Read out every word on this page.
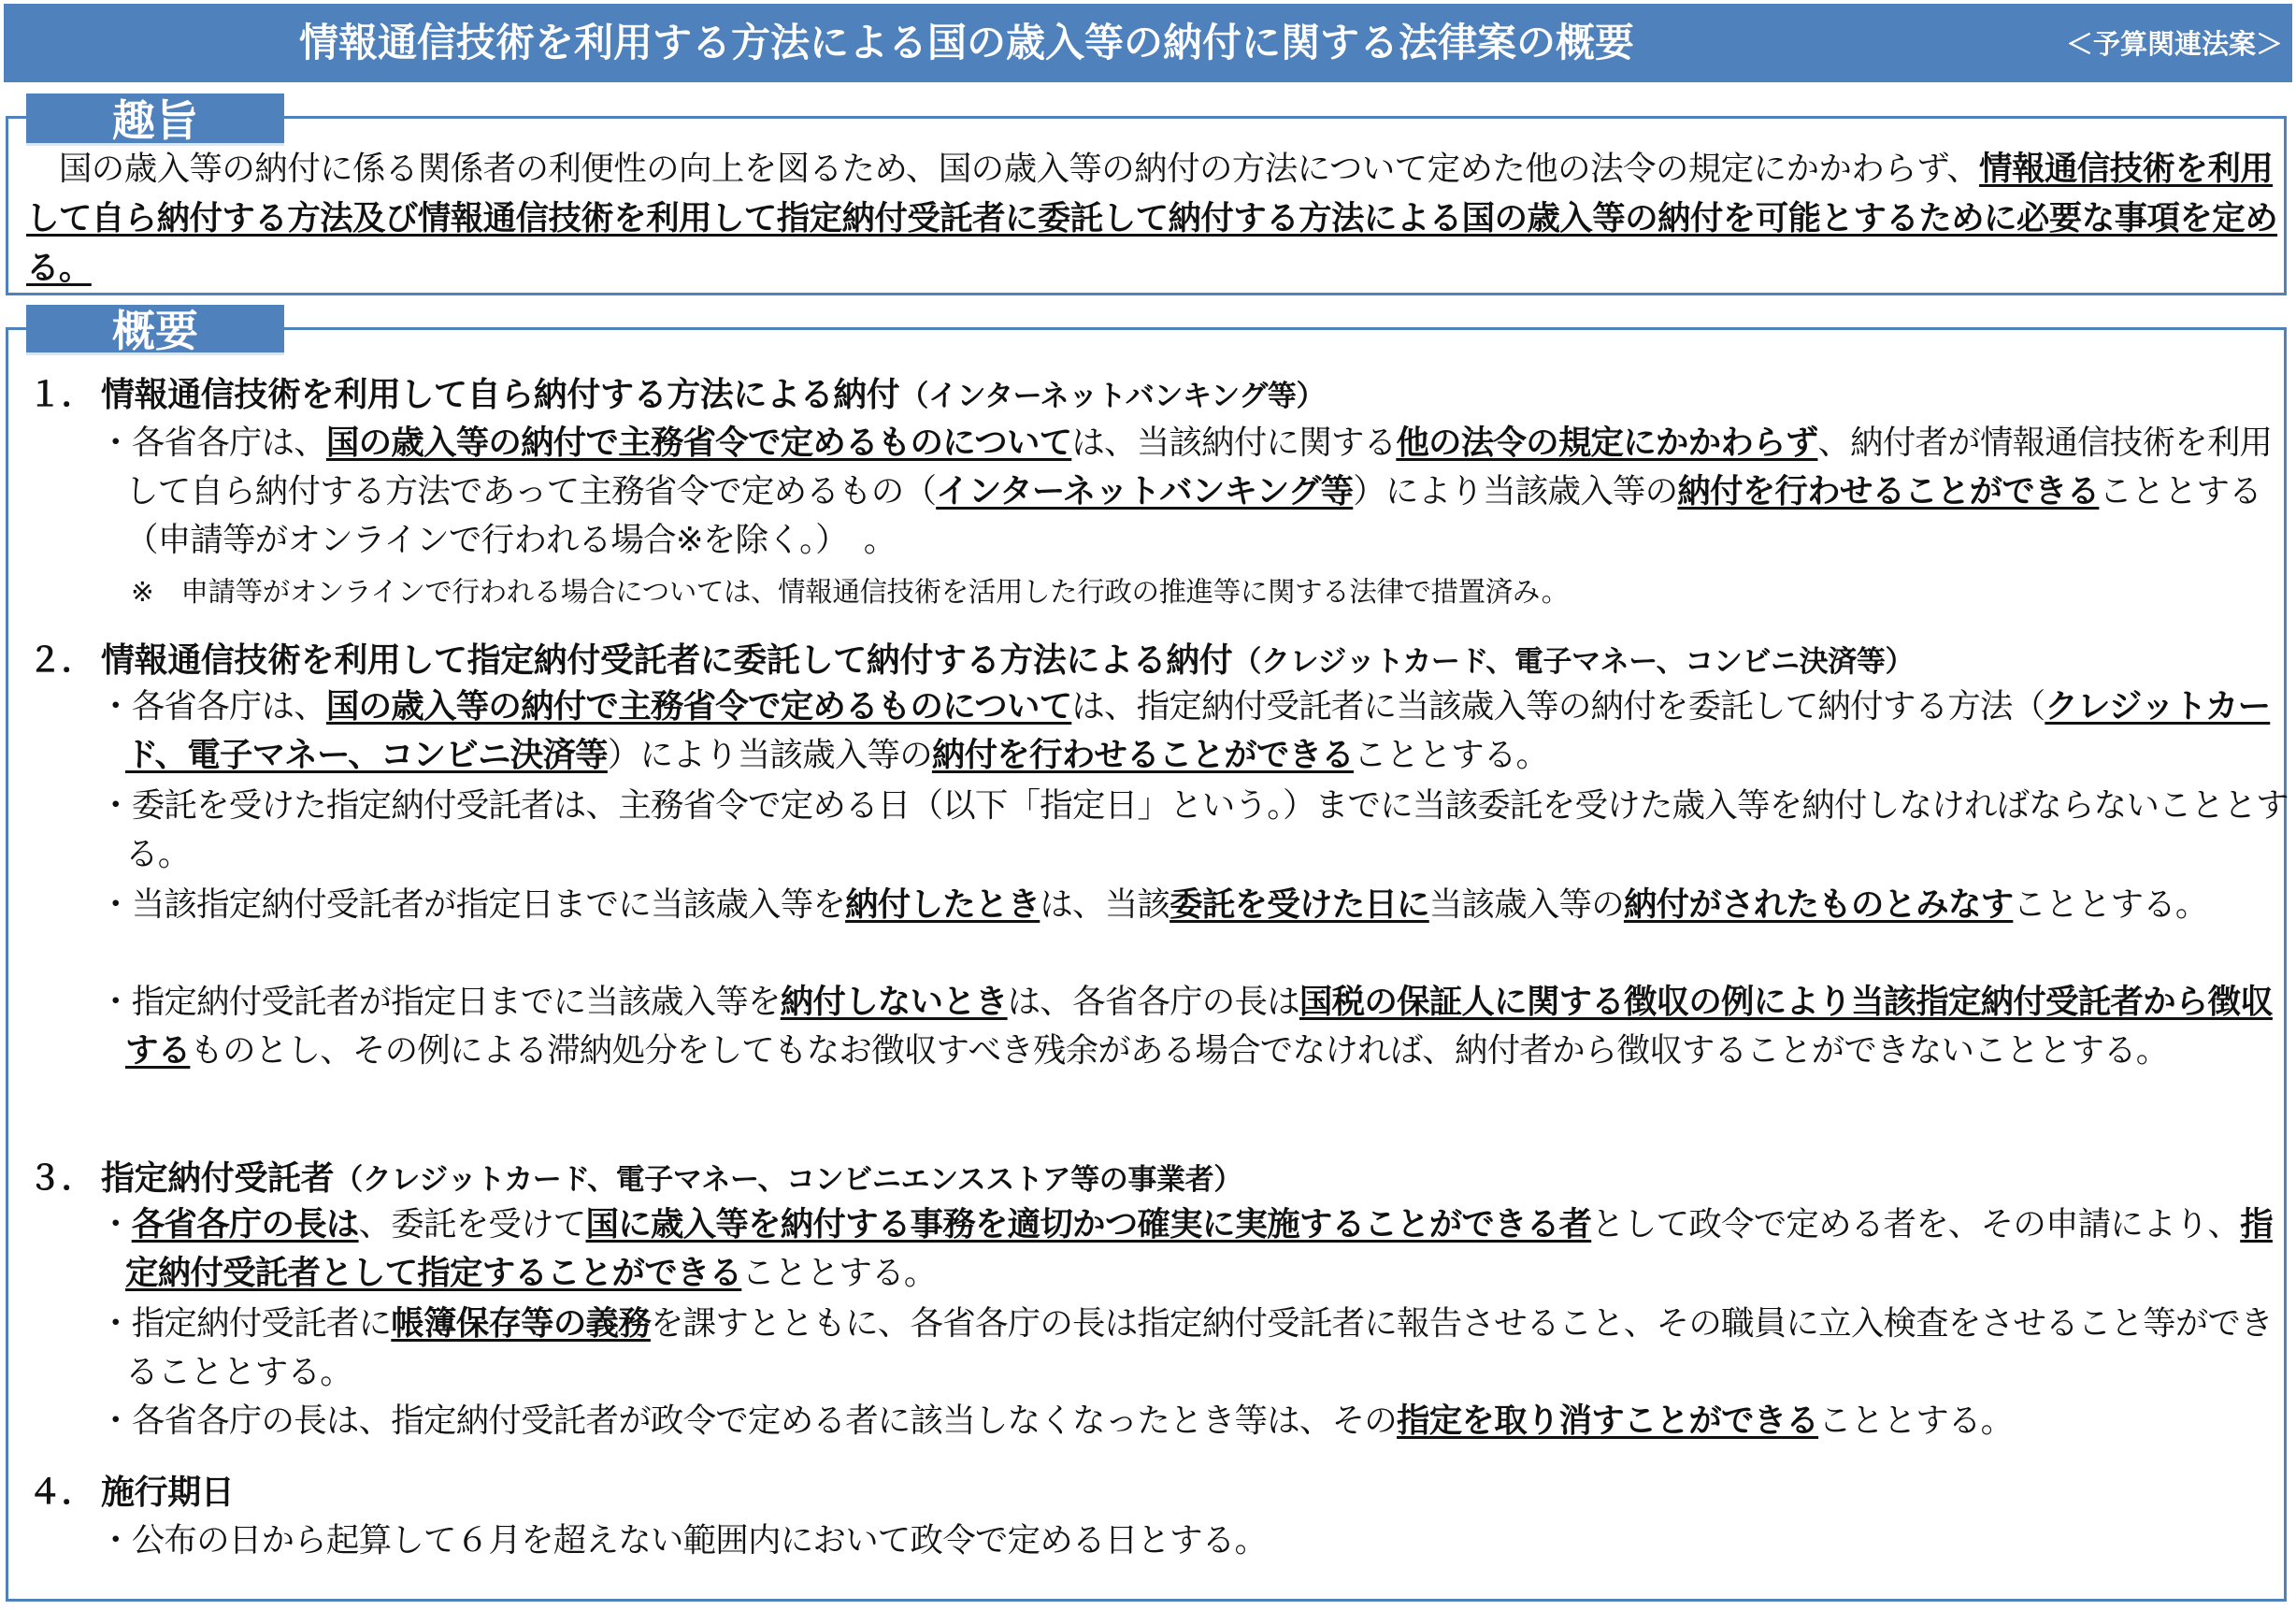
情報通信技術を利用する方法による国の歳入等の納付に関する法律案の概要	＜予算関連法案＞
趣旨
　国の歳入等の納付に係る関係者の利便性の向上を図るため、国の歳入等の納付の方法について定めた他の法令の規定にかかわらず、情報通信技術を利用して自ら納付する方法及び情報通信技術を利用して指定納付受託者に委託して納付する方法による国の歳入等の納付を可能とするために必要な事項を定める。
概要
１． 情報通信技術を利用して自ら納付する方法による納付（インターネットバンキング等）
・各省各庁は、国の歳入等の納付で主務省令で定めるものについては、当該納付に関する他の法令の規定にかかわらず、納付者が情報通信技術を利用して自ら納付する方法であって主務省令で定めるもの（インターネットバンキング等）により当該歳入等の納付を行わせることができることとする（申請等がオンラインで行われる場合※を除く。）　。
※　申請等がオンラインで行われる場合については、情報通信技術を活用した行政の推進等に関する法律で措置済み。
２． 情報通信技術を利用して指定納付受託者に委託して納付する方法による納付（クレジットカード、電子マネー、コンビニ決済等）
・各省各庁は、国の歳入等の納付で主務省令で定めるものについては、指定納付受託者に当該歳入等の納付を委託して納付する方法（クレジットカード、電子マネー、コンビニ決済等）により当該歳入等の納付を行わせることができることとする。
・委託を受けた指定納付受託者は、主務省令で定める日（以下「指定日」という。）までに当該委託を受けた歳入等を納付しなければならないこととする。
・当該指定納付受託者が指定日までに当該歳入等を納付したときは、当該委託を受けた日に当該歳入等の納付がされたものとみなすこととする。
・指定納付受託者が指定日までに当該歳入等を納付しないときは、各省各庁の長は国税の保証人に関する徴収の例により当該指定納付受託者から徴収するものとし、その例による滞納処分をしてもなお徴収すべき残余がある場合でなければ、納付者から徴収することができないこととする。
３． 指定納付受託者（クレジットカード、電子マネー、コンビニエンスストア等の事業者）
・各省各庁の長は、委託を受けて国に歳入等を納付する事務を適切かつ確実に実施することができる者として政令で定める者を、その申請により、指定納付受託者として指定することができることとする。
・指定納付受託者に帳簿保存等の義務を課すとともに、各省各庁の長は指定納付受託者に報告させること、その職員に立入検査をさせること等ができることとする。
・各省各庁の長は、指定納付受託者が政令で定める者に該当しなくなったとき等は、その指定を取り消すことができることとする。
４． 施行期日
・公布の日から起算して６月を超えない範囲内において政令で定める日とする。
